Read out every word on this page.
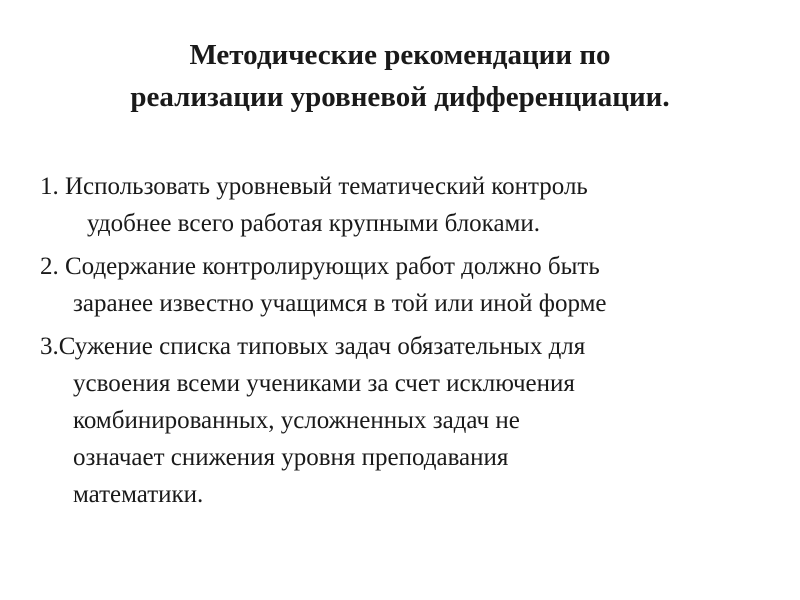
Методические рекомендации по
реализации уровневой дифференциации.
1. Использовать уровневый тематический контроль
удобнее всего работая крупными блоками.
2. Содержание контролирующих работ должно быть
заранее известно учащимся в той или иной форме
3.Сужение списка типовых задач обязательных для
усвоения всеми учениками за счет исключения
комбинированных, усложненных задач не
означает снижения уровня преподавания
математики.
